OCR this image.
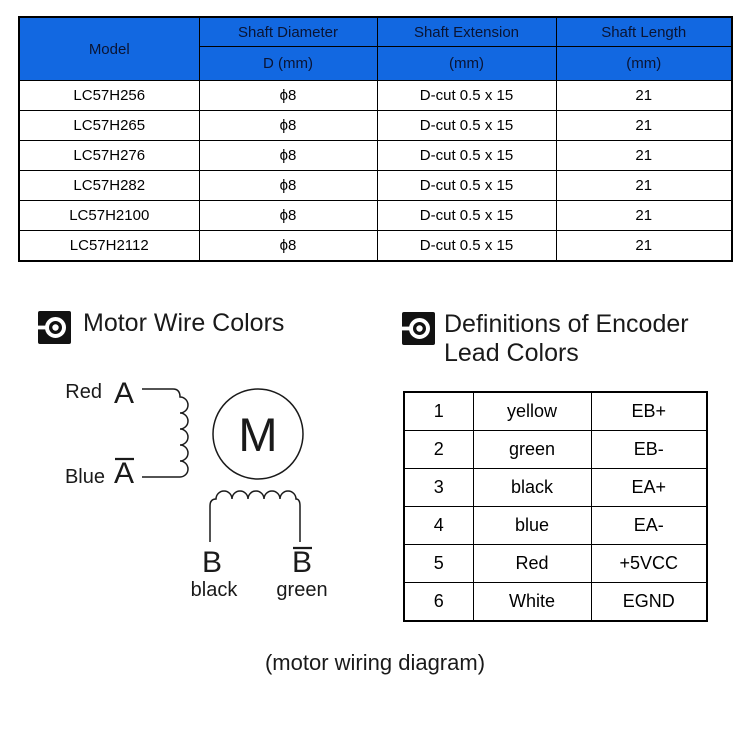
Model	Shaft Diameter	Shaft Extension	Shaft Length
	D (mm)	(mm)	(mm)
LC57H256	ϕ8	D-cut 0.5 x 15	21
LC57H265	ϕ8	D-cut 0.5 x 15	21
LC57H276	ϕ8	D-cut 0.5 x 15	21
LC57H282	ϕ8	D-cut 0.5 x 15	21
LC57H2100	ϕ8	D-cut 0.5 x 15	21
LC57H2112	ϕ8	D-cut 0.5 x 15	21
Motor Wire Colors	Definitions of Encoder
Lead Colors
M
Red A
Blue A
B B
black green
1	yellow	EB+
2	green	EB-
3	black	EA+
4	blue	EA-
5	Red	+5VCC
6	White	EGND
(motor wiring diagram)
